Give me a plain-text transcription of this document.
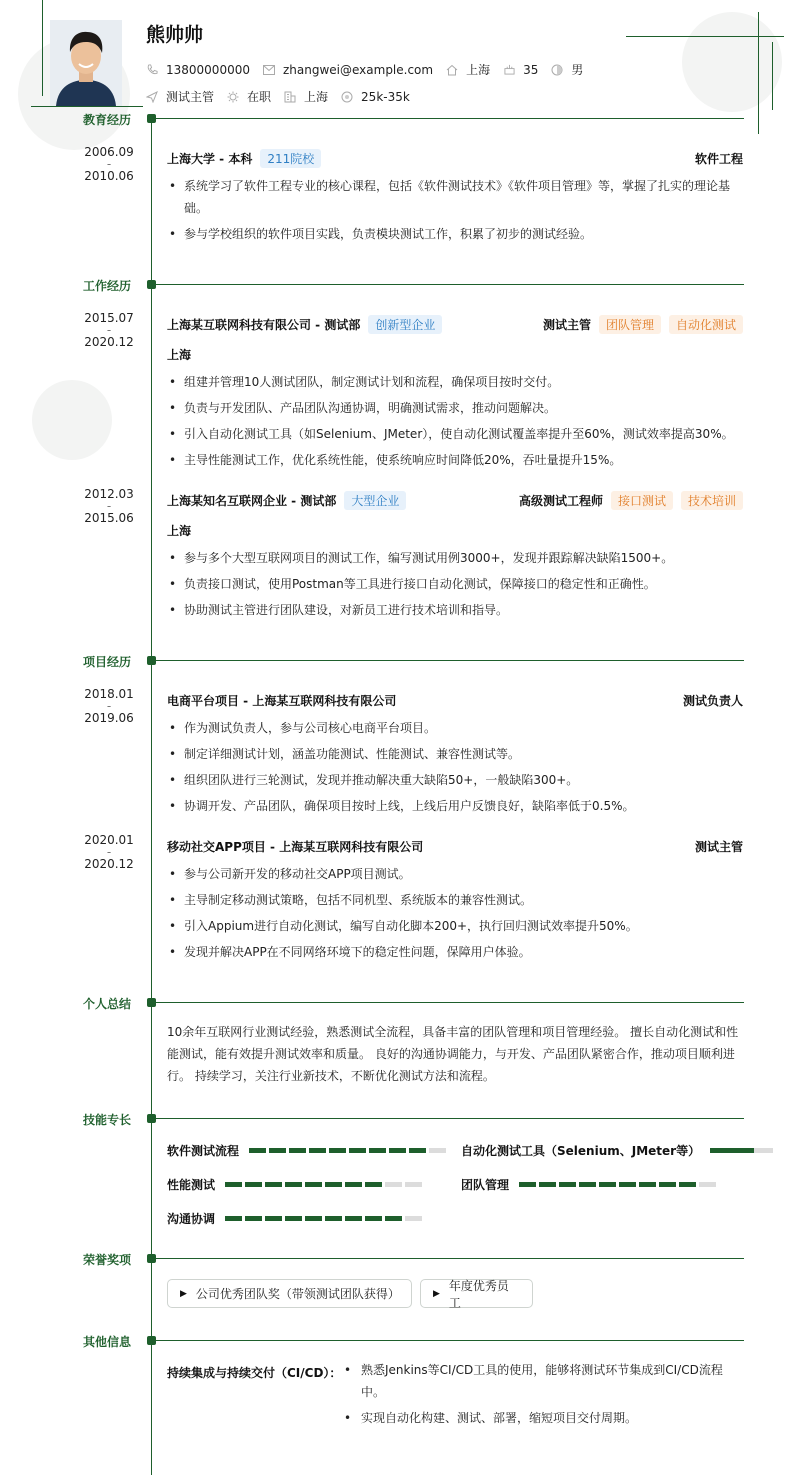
熊帅帅
13800000000	zhangwei@example.com	上海	35	男
测试主管	在职	上海	25k-35k
教育经历
2006.09
-
2010.06
上海大学 - 本科	211院校	软件工程
• 系统学习了软件工程专业的核心课程，包括《软件测试技术》《软件项目管理》等，掌握了扎实的理论基础。
• 参与学校组织的软件项目实践，负责模块测试工作，积累了初步的测试经验。
工作经历
2015.07
-
2020.12
上海某互联网科技有限公司 - 测试部	创新型企业	测试主管	团队管理	自动化测试
上海
• 组建并管理10人测试团队，制定测试计划和流程，确保项目按时交付。
• 负责与开发团队、产品团队沟通协调，明确测试需求，推动问题解决。
• 引入自动化测试工具（如Selenium、JMeter），使自动化测试覆盖率提升至60%，测试效率提高30%。
• 主导性能测试工作，优化系统性能，使系统响应时间降低20%，吞吐量提升15%。
2012.03
-
2015.06
上海某知名互联网企业 - 测试部	大型企业	高级测试工程师	接口测试	技术培训
上海
• 参与多个大型互联网项目的测试工作，编写测试用例3000+，发现并跟踪解决缺陷1500+。
• 负责接口测试，使用Postman等工具进行接口自动化测试，保障接口的稳定性和正确性。
• 协助测试主管进行团队建设，对新员工进行技术培训和指导。
项目经历
2018.01
-
2019.06
电商平台项目 - 上海某互联网科技有限公司	测试负责人
• 作为测试负责人，参与公司核心电商平台项目。
• 制定详细测试计划，涵盖功能测试、性能测试、兼容性测试等。
• 组织团队进行三轮测试，发现并推动解决重大缺陷50+，一般缺陷300+。
• 协调开发、产品团队，确保项目按时上线，上线后用户反馈良好，缺陷率低于0.5%。
2020.01
-
2020.12
移动社交APP项目 - 上海某互联网科技有限公司	测试主管
• 参与公司新开发的移动社交APP项目测试。
• 主导制定移动测试策略，包括不同机型、系统版本的兼容性测试。
• 引入Appium进行自动化测试，编写自动化脚本200+，执行回归测试效率提升50%。
• 发现并解决APP在不同网络环境下的稳定性问题，保障用户体验。
个人总结
10余年互联网行业测试经验，熟悉测试全流程，具备丰富的团队管理和项目管理经验。 擅长自动化测试和性能测试，能有效提升测试效率和质量。 良好的沟通协调能力，与开发、产品团队紧密合作，推动项目顺利进行。 持续学习，关注行业新技术，不断优化测试方法和流程。
技能专长
软件测试流程	自动化测试工具（Selenium、JMeter等）
性能测试	团队管理
沟通协调
荣誉奖项
▶ 公司优秀团队奖（带领测试团队获得）	▶
年度优秀员工
其他信息
持续集成与持续交付（CI/CD）：
•	熟悉Jenkins等CI/CD工具的使用，能够将测试环节集成到CI/CD流程中。
• 实现自动化构建、测试、部署，缩短项目交付周期。
